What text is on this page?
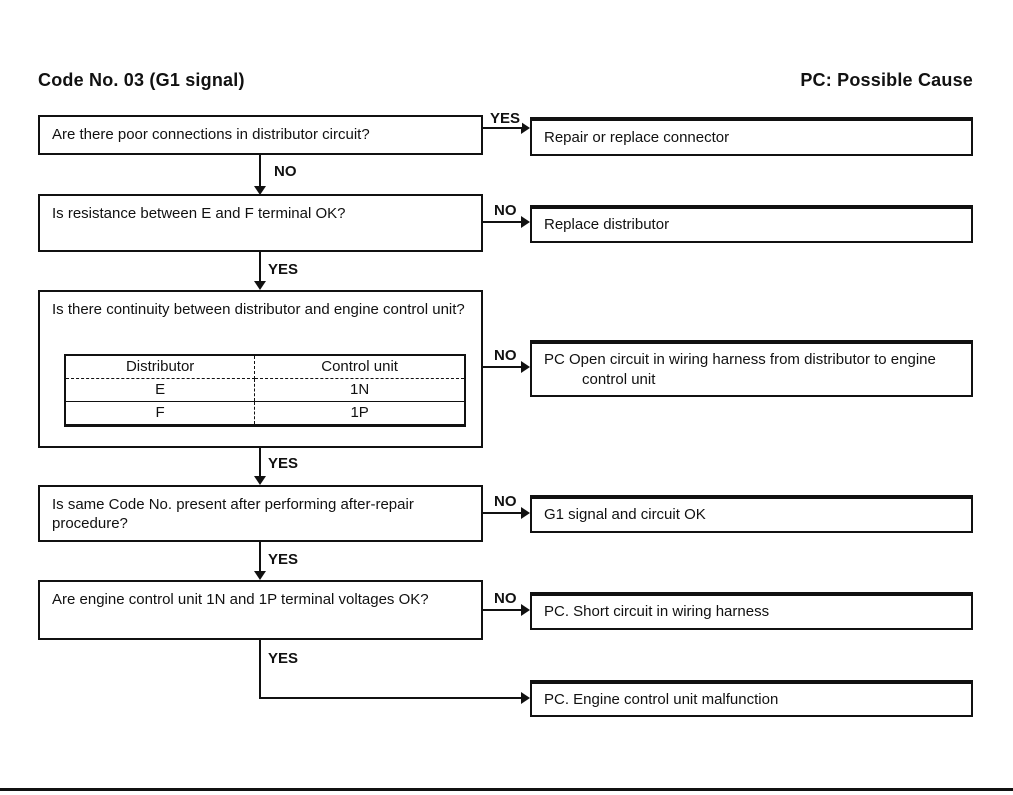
Code No. 03 (G1 signal)	PC: Possible Cause
Are there poor connections in distributor circuit?
YES
Repair or replace connector
NO
Is resistance between E and F terminal OK?	NO
Replace distributor
YES
Is there continuity between distributor and engine control unit?
Distributor	Control unit
E	1N
F	1P
NO PC Open circuit in wiring harness from distributor to engine control unit
YES
Is same Code No. present after performing after-repair procedure?
NO
G1 signal and circuit OK
YES
Are engine control unit 1N and 1P terminal voltages OK?	NO
PC. Short circuit in wiring harness
YES
PC. Engine control unit malfunction
